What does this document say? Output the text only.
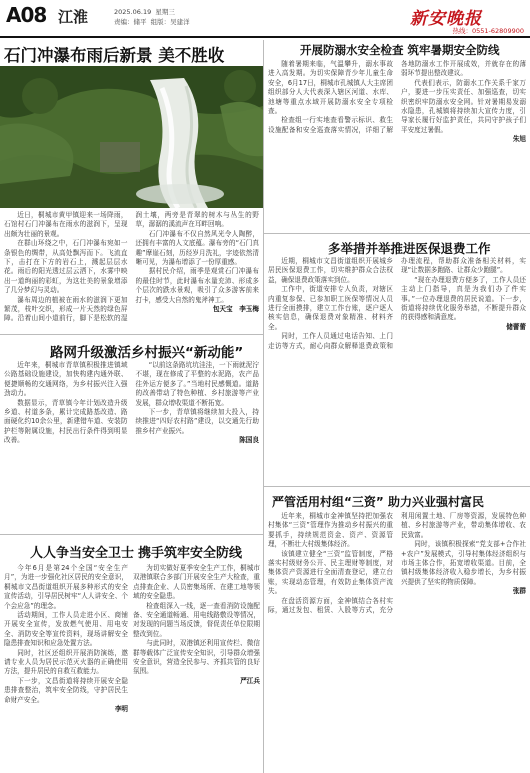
A08 江淮	2025.06.19 星期三
责编：储平 组版：吴建洋	新安晚报
热线：0551-62809900
石门冲瀑布雨后新景 美不胜收

近日，桐城市黄甲镇迎来一场降雨，石馆村石门冲瀑布在雨水的滋润下，呈现出颇为壮丽的景观。

在群山环绕之中，石门冲瀑布宛如一条银色的绸带，从高处飘泻而下。飞流直下，击打在下方的岩石上，溅起层层水花。雨后的阳光透过层云洒下，水雾中映出一道绚丽的彩虹，为这壮美的景象增添了几分梦幻与灵动。

瀑布周边的植被在雨水的滋润下更加繁茂，枝叶交织，形成一片天然的绿色屏障。沿着山间小道前行，脚下是松软的湿润土壤，两旁是青翠的树木与丛生的野草，潺潺的溪流声在耳畔回响。

石门冲瀑布不仅自然风光令人陶醉，还拥有丰富的人文底蕴。瀑布旁的“石门真趣”摩崖石刻，历经岁月洗礼，字迹依然清晰可见，为瀑布增添了一份厚重感。

据村民介绍，雨季是观赏石门冲瀑布的最佳时节，此时瀑布水量充沛、形成多个层次的跌水景观，吸引了众多游客前来打卡，感受大自然的鬼斧神工。

包天宝　李玉梅

路网升级激活乡村振兴“新动能”

近年来，桐城市青草镇积极推进镇域公路基础设施建设，加快构建内通外联、便捷顺畅的交通网络，为乡村振兴注入强劲动力。

数据显示，青草镇今年计划改造升级乡道、村道多条，累计完成路基改造、路面硬化约10余公里，新建错车道、安装防护栏等附属设施，村民出行条件得到明显改善。

“以前这条路坑坑洼洼，一下雨就泥泞不堪，现在修成了平整的水泥路，农产品往外运方便多了。”当地村民感慨道。道路的改善带动了特色种植、乡村旅游等产业发展，群众增收渠道不断拓宽。

下一步，青草镇将继续加大投入，持续推进“四好农村路”建设，以交通先行助推乡村产业振兴。

陈国良

人人争当安全卫士

今年6月是第24个全国“安全生产月”，为进一步强化社区居民的安全意识，桐城市文昌街道组织开展多种形式的安全宣传活动，引导居民树牢“人人讲安全、个个会应急”的理念。

活动期间，工作人员走进小区、商铺开展安全宣传，发放燃气使用、用电安全、消防安全等宣传资料，现场讲解安全隐患排查知识和应急处置方法。

同时，社区还组织开展消防演练，邀请专业人员为居民示范灭火器的正确使用方法，提升居民的自救互救能力。

下一步，文昌街道将持续开展安全隐患排查整治，筑牢安全防线，守护居民生命财产安全。

李明

携手筑牢安全防线

为切实做好夏季安全生产工作，桐城市双港镇联合多部门开展安全生产大检查，重点排查企业、人员密集场所、在建工地等领域的安全隐患。

检查组深入一线，逐一查看消防设施配备、安全通道畅通、用电线路敷设等情况，对发现的问题当场反馈，督促责任单位限期整改到位。

与此同时，双港镇还利用宣传栏、微信群等载体广泛宣传安全知识，引导群众增强安全意识，营造全民参与、齐抓共管的良好氛围。

严江兵

开展防溺水安全检查 筑牢暑期安全防线

随着暑期来临，气温攀升，溺水事故进入高发期。为切实保障青少年儿童生命安全，6月17日，桐城市孔城镇人大主席团组织部分人大代表深入辖区河道、水库、池塘等重点水域开展防溺水安全专项检查。

检查组一行实地查看警示标识、救生设施配备和安全巡查落实情况，详细了解各地防溺水工作开展成效，并就存在的薄弱环节提出整改建议。

代表们表示，防溺水工作关系千家万户，要进一步压实责任、加强巡查，切实织密织牢防溺水安全网。针对暑期易发溺水隐患，孔城镇将持续加大宣传力度，引导家长履行好监护责任，共同守护孩子们平安度过暑假。

朱旭

多举措并举推进医保退费工作

近期，桐城市文昌街道组织开展城乡居民医保退费工作，切实维护群众合法权益，确保退费政策落实到位。

工作中，街道安排专人负责，对辖区内重复参保、已参加职工医保等情况人员进行全面摸排，建立工作台账，逐户逐人核实信息，确保退费对象精准、材料齐全。

同时，工作人员通过电话告知、上门走访等方式，耐心向群众解释退费政策和办理流程，帮助群众准备相关材料，实现“让数据多跑路、让群众少跑腿”。

“现在办理退费方便多了，工作人员还主动上门指导，真是为我们办了件实事。”一位办理退费的居民说道。下一步，街道将持续优化服务举措，不断提升群众的获得感和满意度。

储蕾蕾

严管活用村组“三资” 助力兴业强村富民

近年来，桐城市金神镇坚持把加强农村集体“三资”管理作为推动乡村振兴的重要抓手，持续规范资金、资产、资源管理，不断壮大村级集体经济。

该镇建立健全“三资”监管制度，严格落实村级财务公开、民主理财等制度，对集体资产资源进行全面清查登记，建立台账，实现动态管理，有效防止集体资产流失。

在盘活资源方面，金神镇结合各村实际，通过发包、租赁、入股等方式，充分利用闲置土地、厂房等资源，发展特色种植、乡村旅游等产业，带动集体增收、农民致富。

同时，该镇积极探索“党支部+合作社+农户”发展模式，引导村集体经济组织与市场主体合作，拓宽增收渠道。目前，全镇村级集体经济收入稳步增长，为乡村振兴提供了坚实的物质保障。

张群
